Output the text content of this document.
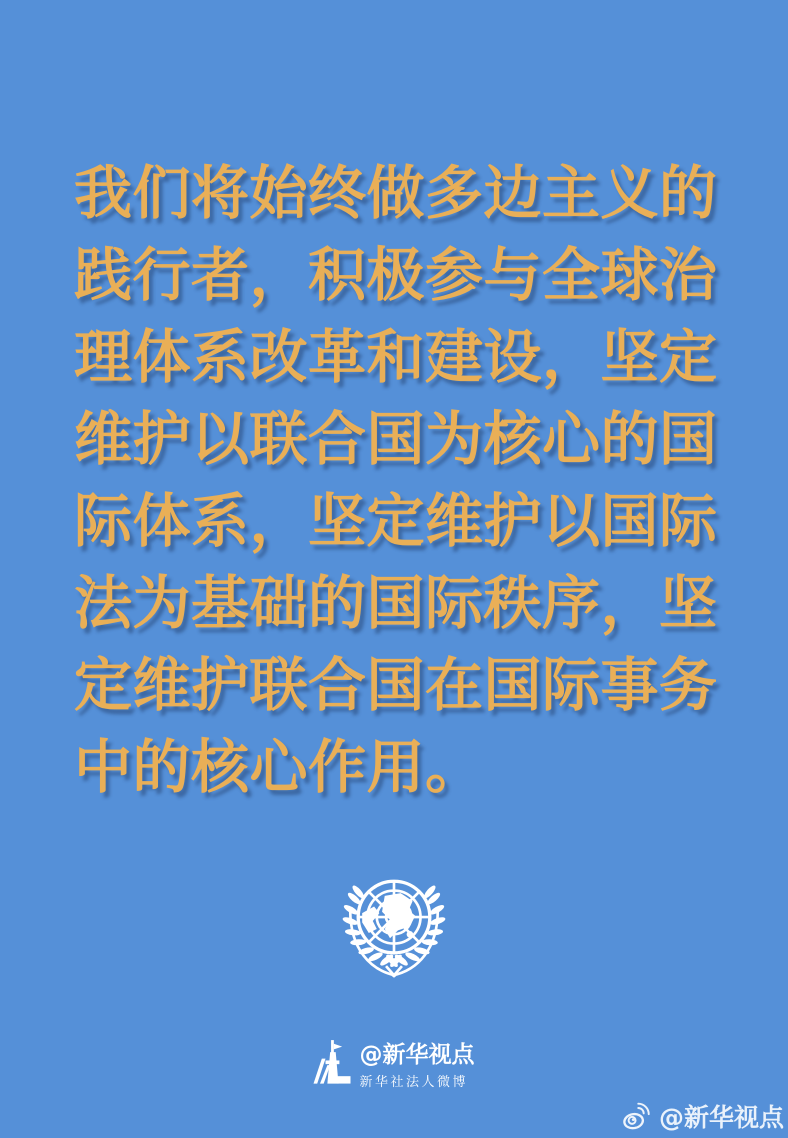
我们将始终做多边主义的
践行者，积极参与全球治
理体系改革和建设，坚定
维护以联合国为核心的国
际体系，坚定维护以国际
法为基础的国际秩序，坚
定维护联合国在国际事务
中的核心作用。
@新华视点
新华社法人微博
@新华视点
